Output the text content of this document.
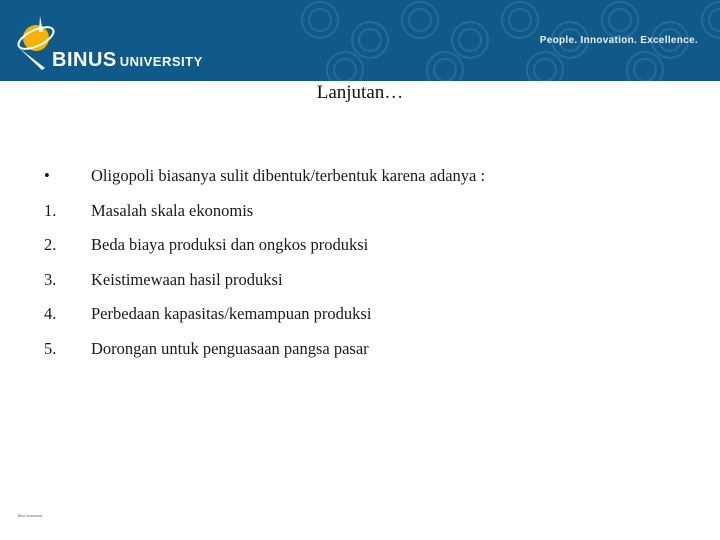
BINUS UNIVERSITY
People. Innovation. Excellence.
Lanjutan…
• Oligopoli biasanya sulit dibentuk/terbentuk karena adanya :
1. Masalah skala ekonomis
2. Beda biaya produksi dan ongkos produksi
3. Keistimewaan hasil produksi
4. Perbedaan kapasitas/kemampuan produksi
5. Dorongan untuk penguasaan pangsa pasar
Bina Nusantara
